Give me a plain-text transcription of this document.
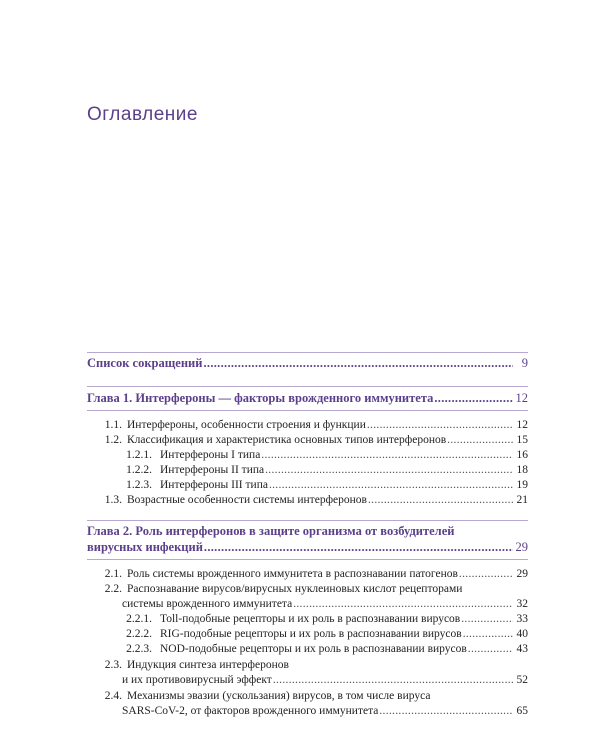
Оглавление
Список сокращений .....	9
Глава 1. Интерфероны — факторы врожденного иммунитета .....	12
1.1. Интерфероны, особенности строения и функции .....	12
1.2. Классификация и характеристика основных типов интерферонов .....	15
1.2.1. Интерфероны I типа .....	16
1.2.2. Интерфероны II типа .....	18
1.2.3. Интерфероны III типа .....	19
1.3. Возрастные особенности системы интерферонов .....	21
Глава 2. Роль интерферонов в защите организма от возбудителей
вирусных инфекций .....	29
2.1. Роль системы врожденного иммунитета в распознавании патогенов .....	29
2.2. Распознавание вирусов/вирусных нуклеиновых кислот рецепторами
системы врожденного иммунитета .....	32
2.2.1. Toll-подобные рецепторы и их роль в распознавании вирусов .....	33
2.2.2. RIG-подобные рецепторы и их роль в распознавании вирусов .....	40
2.2.3. NOD-подобные рецепторы и их роль в распознавании вирусов .....	43
2.3. Индукция синтеза интерферонов
и их противовирусный эффект .....	52
2.4. Механизмы эвазии (ускользания) вирусов, в том числе вируса
SARS-CoV-2, от факторов врожденного иммунитета .....	65
